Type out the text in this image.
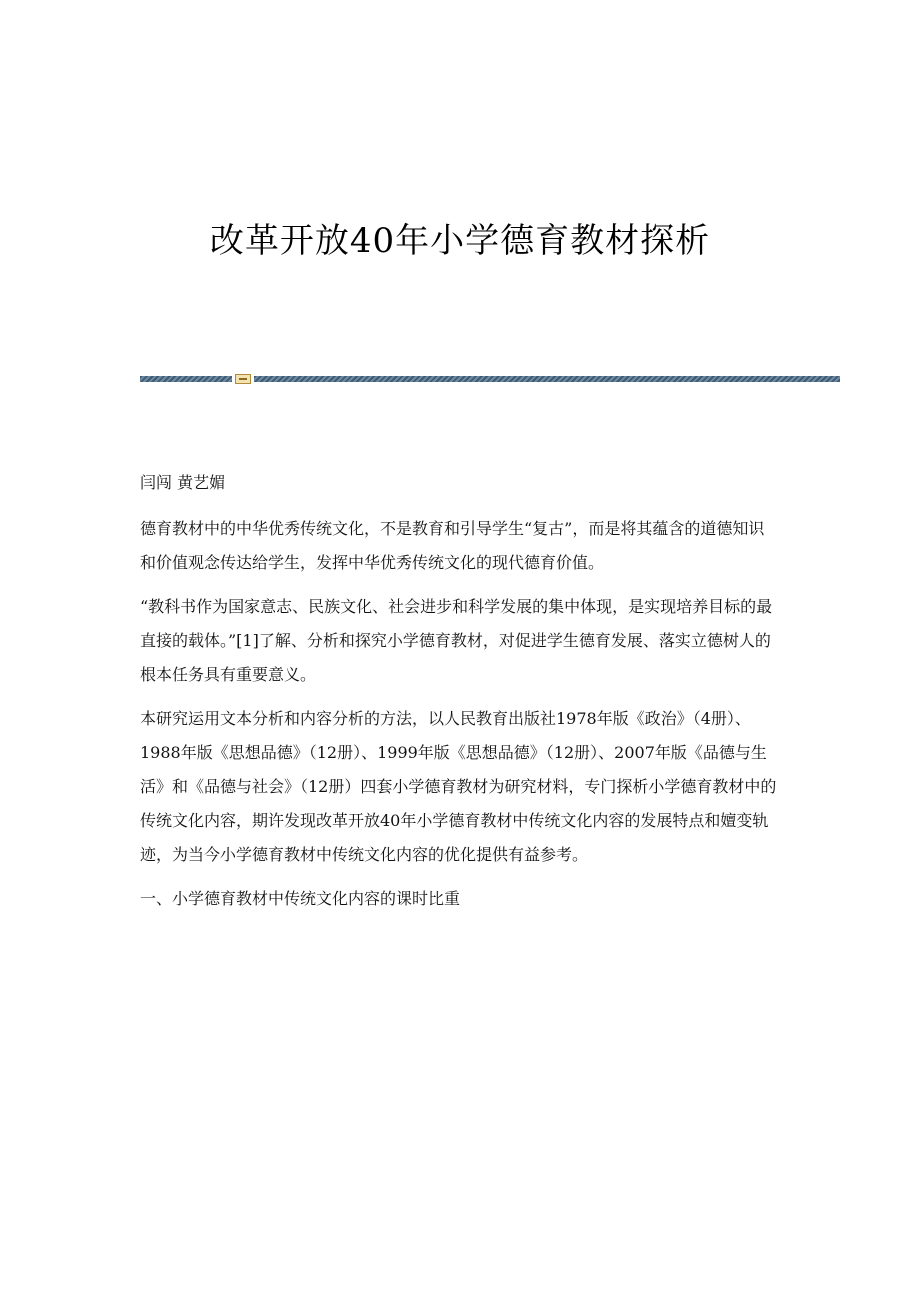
改革开放40年小学德育教材探析

闫闯 黄艺媚

德育教材中的中华优秀传统文化，不是教育和引导学生“复古”，而是将其蕴含的道德知识和价值观念传达给学生，发挥中华优秀传统文化的现代德育价值。

“教科书作为国家意志、民族文化、社会进步和科学发展的集中体现，是实现培养目标的最直接的载体。”[1]了解、分析和探究小学德育教材，对促进学生德育发展、落实立德树人的根本任务具有重要意义。

本研究运用文本分析和内容分析的方法，以人民教育出版社1978年版《政治》（4册）、1988年版《思想品德》（12册）、1999年版《思想品德》（12册）、2007年版《品德与生活》和《品德与社会》（12册）四套小学德育教材为研究材料，专门探析小学德育教材中的传统文化内容，期许发现改革开放40年小学德育教材中传统文化内容的发展特点和嬗变轨迹，为当今小学德育教材中传统文化内容的优化提供有益参考。

一、小学德育教材中传统文化内容的课时比重
